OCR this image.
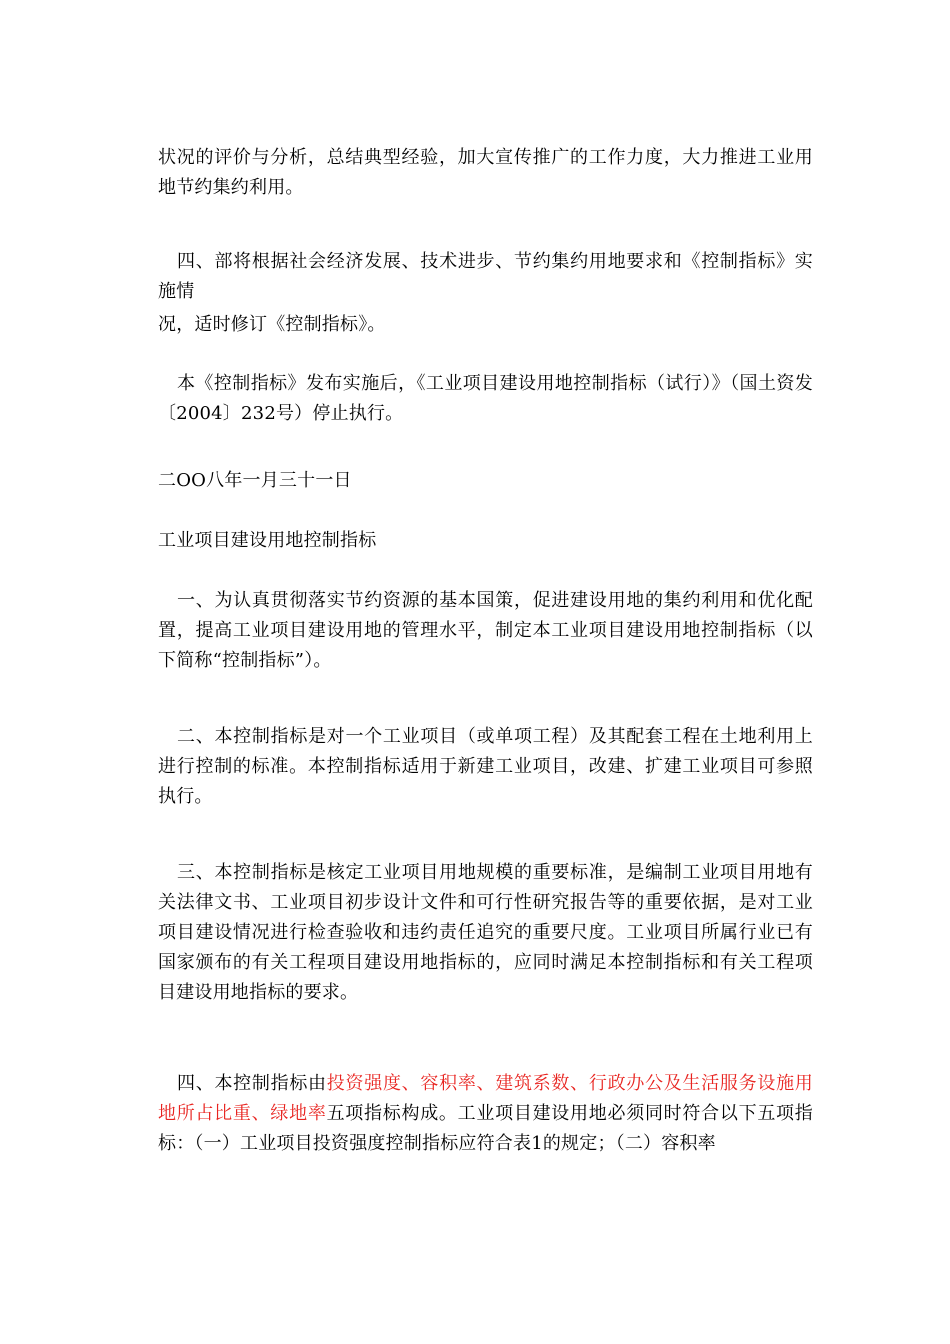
状况的评价与分析，总结典型经验，加大宣传推广的工作力度，大力推进工业用地节约集约利用。

四、部将根据社会经济发展、技术进步、节约集约用地要求和《控制指标》实施情

况，适时修订《控制指标》。

本《控制指标》发布实施后，《工业项目建设用地控制指标（试行）》（国土资发〔2004〕232号）停止执行。

二OO八年一月三十一日

工业项目建设用地控制指标

一、为认真贯彻落实节约资源的基本国策，促进建设用地的集约利用和优化配置，提高工业项目建设用地的管理水平，制定本工业项目建设用地控制指标（以下简称“控制指标”）。

二、本控制指标是对一个工业项目（或单项工程）及其配套工程在土地利用上进行控制的标准。本控制指标适用于新建工业项目，改建、扩建工业项目可参照执行。

三、本控制指标是核定工业项目用地规模的重要标准，是编制工业项目用地有关法律文书、工业项目初步设计文件和可行性研究报告等的重要依据，是对工业项目建设情况进行检查验收和违约责任追究的重要尺度。工业项目所属行业已有国家颁布的有关工程项目建设用地指标的，应同时满足本控制指标和有关工程项目建设用地指标的要求。

四、本控制指标由投资强度、容积率、建筑系数、行政办公及生活服务设施用地所占比重、绿地率五项指标构成。工业项目建设用地必须同时符合以下五项指标：（一）工业项目投资强度控制指标应符合表1的规定；（二）容积率
